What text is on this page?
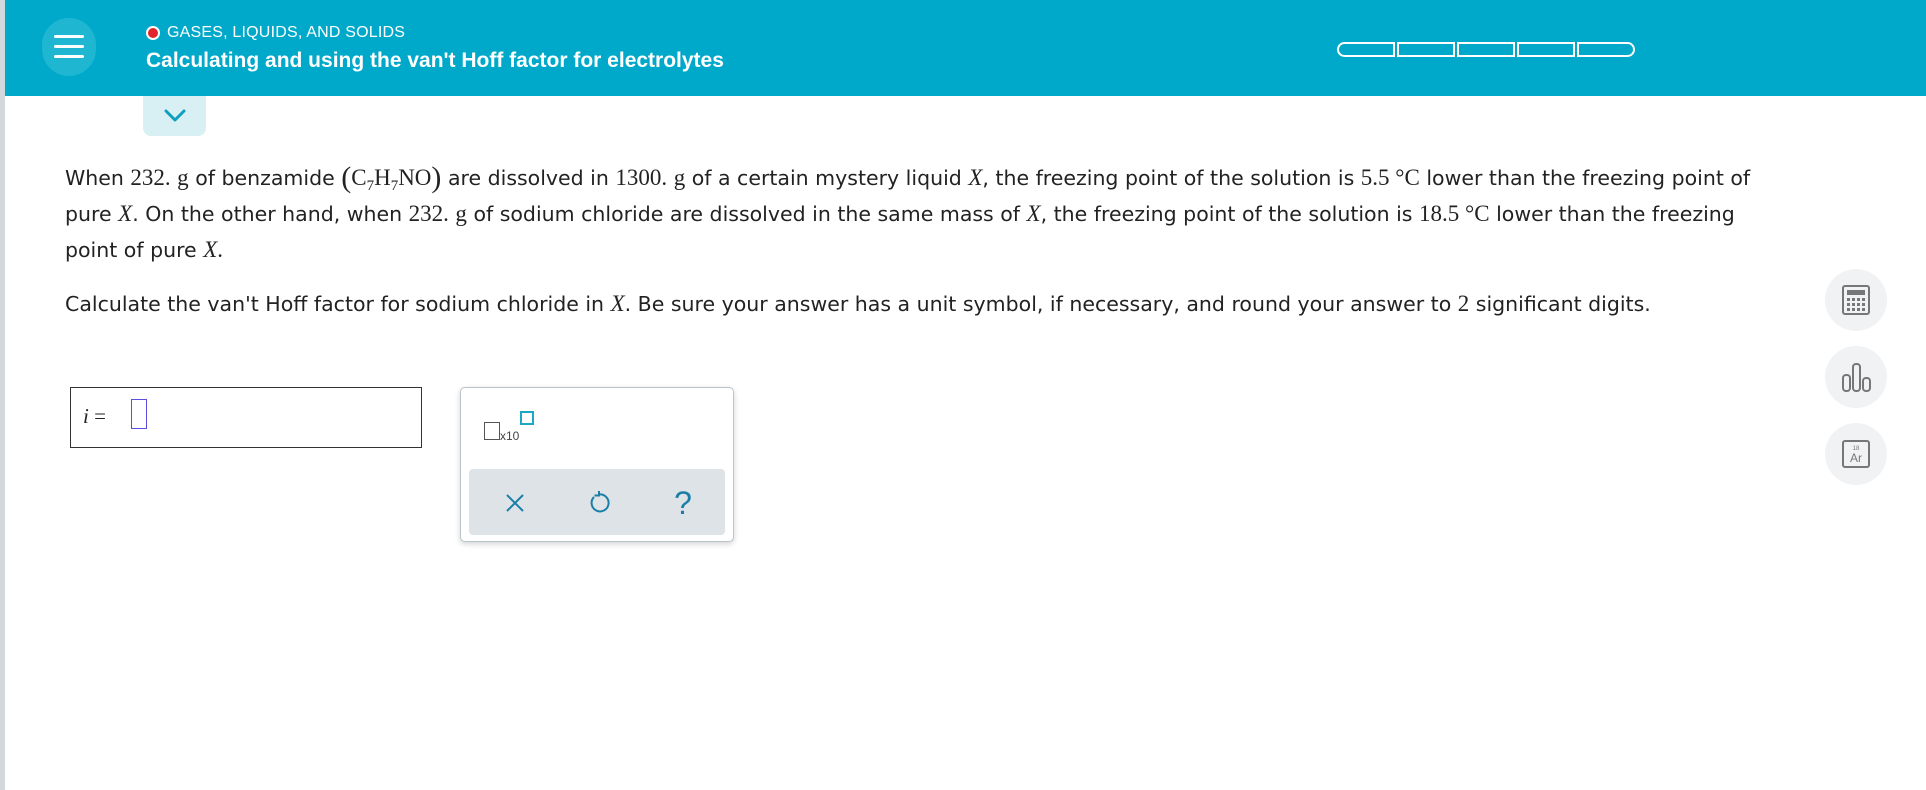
GASES, LIQUIDS, AND SOLIDS
Calculating and using the van't Hoff factor for electrolytes

When 232. g of benzamide $(C_7H_7NO)$ are dissolved in 1300. g of a certain mystery liquid X, the freezing point of the solution is 5.5 °C lower than the freezing point of pure X. On the other hand, when 232. g of sodium chloride are dissolved in the same mass of X, the freezing point of the solution is 18.5 °C lower than the freezing point of pure X.

Calculate the van't Hoff factor for sodium chloride in X. Be sure your answer has a unit symbol, if necessary, and round your answer to 2 significant digits.

i =
x10
?
18
Ar
